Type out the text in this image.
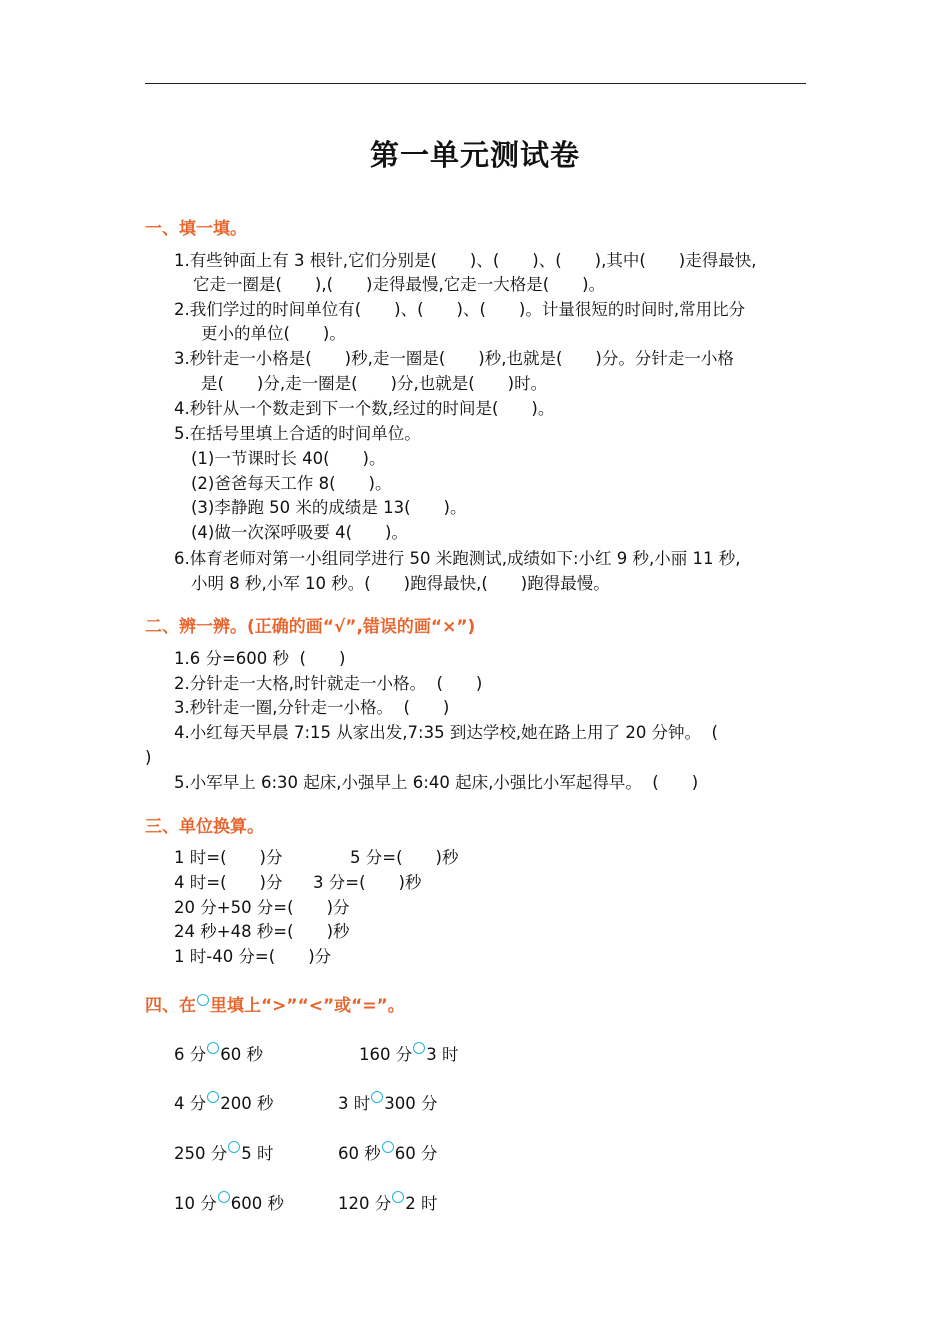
第一单元测试卷
一、填一填。
1.有些钟面上有 3 根针,它们分别是(　　)、(　　)、(　　),其中(　　)走得最快,
它走一圈是(　　),(　　)走得最慢,它走一大格是(　　)。
2.我们学过的时间单位有(　　)、(　　)、(　　)。计量很短的时间时,常用比分
更小的单位(　　)。
3.秒针走一小格是(　　)秒,走一圈是(　　)秒,也就是(　　)分。分针走一小格
是(　　)分,走一圈是(　　)分,也就是(　　)时。
4.秒针从一个数走到下一个数,经过的时间是(　　)。
5.在括号里填上合适的时间单位。
(1)一节课时长 40(　　)。
(2)爸爸每天工作 8(　　)。
(3)李静跑 50 米的成绩是 13(　　)。
(4)做一次深呼吸要 4(　　)。
6.体育老师对第一小组同学进行 50 米跑测试,成绩如下:小红 9 秒,小丽 11 秒,
小明 8 秒,小军 10 秒。(　　)跑得最快,(　　)跑得最慢。
二、辨一辨。(正确的画“√”,错误的画“×”)
1.6 分=600 秒  (　　)
2.分针走一大格,时针就走一小格。  (　　)
3.秒针走一圈,分针走一小格。  (　　)
4.小红每天早晨 7:15 从家出发,7:35 到达学校,她在路上用了 20 分钟。  (
)
5.小军早上 6:30 起床,小强早上 6:40 起床,小强比小军起得早。  (　　)
三、单位换算。
1 时=(　　)分	5 分=(　　)秒
4 时=(　　)分 3 分=(　　)秒
20 分+50 分=(　　)分
24 秒+48 秒=(　　)秒
1 时-40 分=(　　)分
四、在 里填上“>”“<”或“=”。
6 分 60 秒	160 分 3 时
4 分 200 秒	3 时 300 分
250 分 5 时	60 秒 60 分
10 分 600 秒	120 分 2 时
